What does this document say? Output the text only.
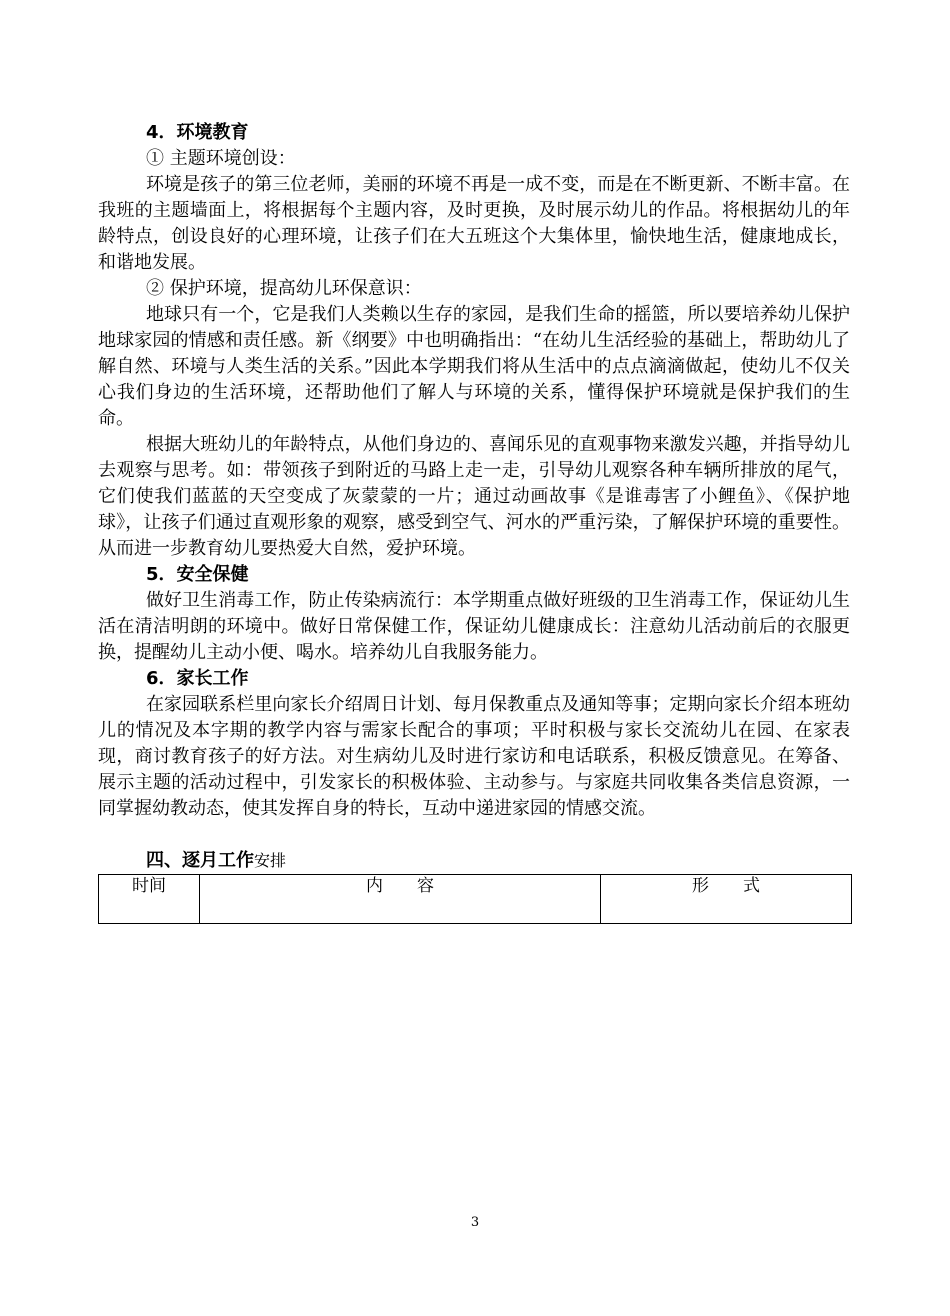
4．环境教育

① 主题环境创设：

环境是孩子的第三位老师，美丽的环境不再是一成不变，而是在不断更新、不断丰富。在我班的主题墙面上，将根据每个主题内容，及时更换，及时展示幼儿的作品。将根据幼儿的年龄特点，创设良好的心理环境，让孩子们在大五班这个大集体里，愉快地生活，健康地成长，和谐地发展。

② 保护环境，提高幼儿环保意识：

地球只有一个，它是我们人类赖以生存的家园，是我们生命的摇篮，所以要培养幼儿保护地球家园的情感和责任感。新《纲要》中也明确指出：“在幼儿生活经验的基础上，帮助幼儿了解自然、环境与人类生活的关系。”因此本学期我们将从生活中的点点滴滴做起，使幼儿不仅关心我们身边的生活环境，还帮助他们了解人与环境的关系，懂得保护环境就是保护我们的生命。

根据大班幼儿的年龄特点，从他们身边的、喜闻乐见的直观事物来激发兴趣，并指导幼儿去观察与思考。如：带领孩子到附近的马路上走一走，引导幼儿观察各种车辆所排放的尾气，它们使我们蓝蓝的天空变成了灰蒙蒙的一片；通过动画故事《是谁毒害了小鲤鱼》、《保护地球》，让孩子们通过直观形象的观察，感受到空气、河水的严重污染，了解保护环境的重要性。从而进一步教育幼儿要热爱大自然，爱护环境。

5．安全保健

做好卫生消毒工作，防止传染病流行：本学期重点做好班级的卫生消毒工作，保证幼儿生活在清洁明朗的环境中。做好日常保健工作，保证幼儿健康成长：注意幼儿活动前后的衣服更换，提醒幼儿主动小便、喝水。培养幼儿自我服务能力。

6．家长工作

在家园联系栏里向家长介绍周日计划、每月保教重点及通知等事；定期向家长介绍本班幼儿的情况及本字期的教学内容与需家长配合的事项；平时积极与家长交流幼儿在园、在家表现，商讨教育孩子的好方法。对生病幼儿及时进行家访和电话联系，积极反馈意见。在筹备、展示主题的活动过程中，引发家长的积极体验、主动参与。与家庭共同收集各类信息资源，一同掌握幼教动态，使其发挥自身的特长，互动中递进家园的情感交流。

四、逐月工作安排

时间	内　　容	形　　式
3
